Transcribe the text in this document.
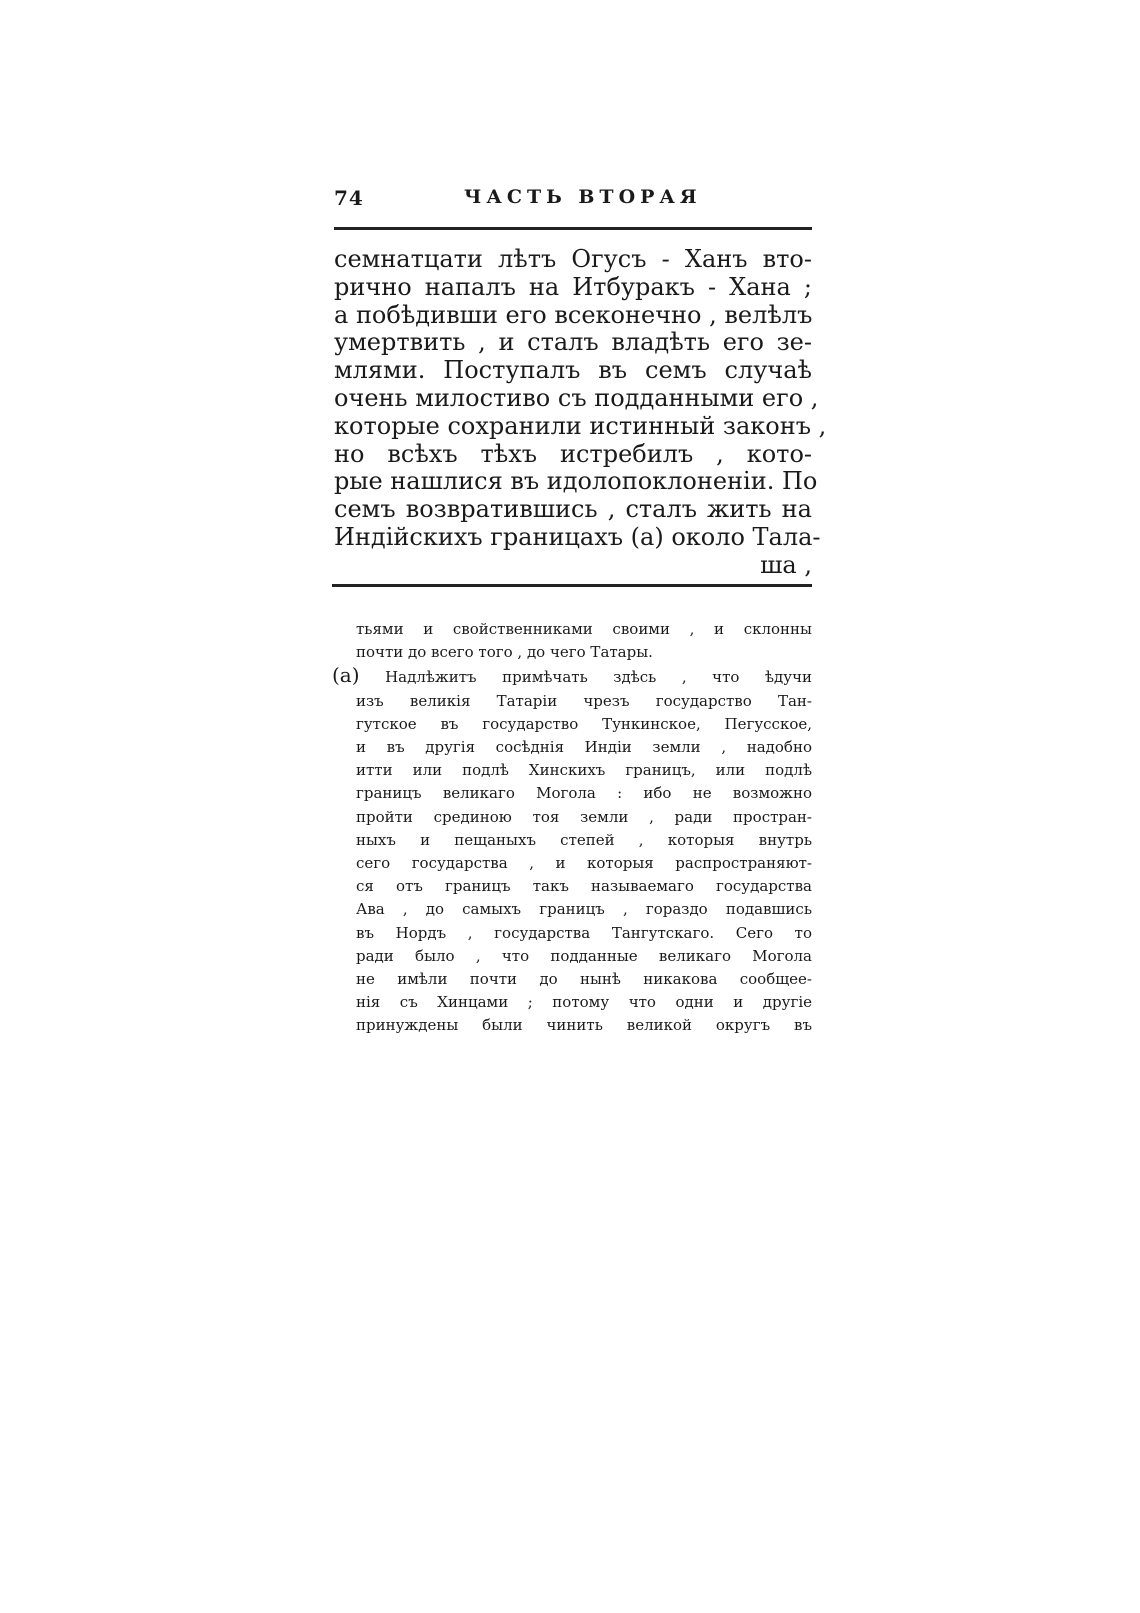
74	ЧАСТЬ ВТОРАЯ
семнатцати лѣтъ Огусъ - Ханъ вто-
рично напалъ на Итбуракъ - Хана ;
а побѣдивши его всеконечно , велѣлъ
умертвить , и сталъ владѣть его зе-
млями. Поступалъ въ семъ случаѣ
очень милостиво съ подданными его ,
которые сохранили истинный законъ ,
но всѣхъ тѣхъ истребилъ , кото-
рые нашлися въ идолопоклоненіи. По
семъ возвратившись , сталъ жить на
Индійскихъ границахъ (а) около Тала-
ша ,
тьями и свойственниками своими , и склонны
почти до всего того , до чего Татары.
(а) Надлѣжитъ примѣчать здѣсь , что ѣдучи
изъ великія Татаріи чрезъ государство Тан-
гутское въ государство Тункинское, Пегусское,
и въ другія сосѣднія Индіи земли , надобно
итти или подлѣ Хинскихъ границъ, или подлѣ
границъ великаго Могола : ибо не возможно
пройти срединою тоя земли , ради простран-
ныхъ и пещаныхъ степей , которыя внутрь
сего государства , и которыя распространяют-
ся отъ границъ такъ называемаго государства
Ава , до самыхъ границъ , гораздо подавшись
въ Нордъ , государства Тангутскаго. Сего то
ради было , что подданные великаго Могола
не имѣли почти до нынѣ никакова сообщее-
нія съ Хинцами ; потому что одни и другіе
принуждены были чинить великой округъ въ
